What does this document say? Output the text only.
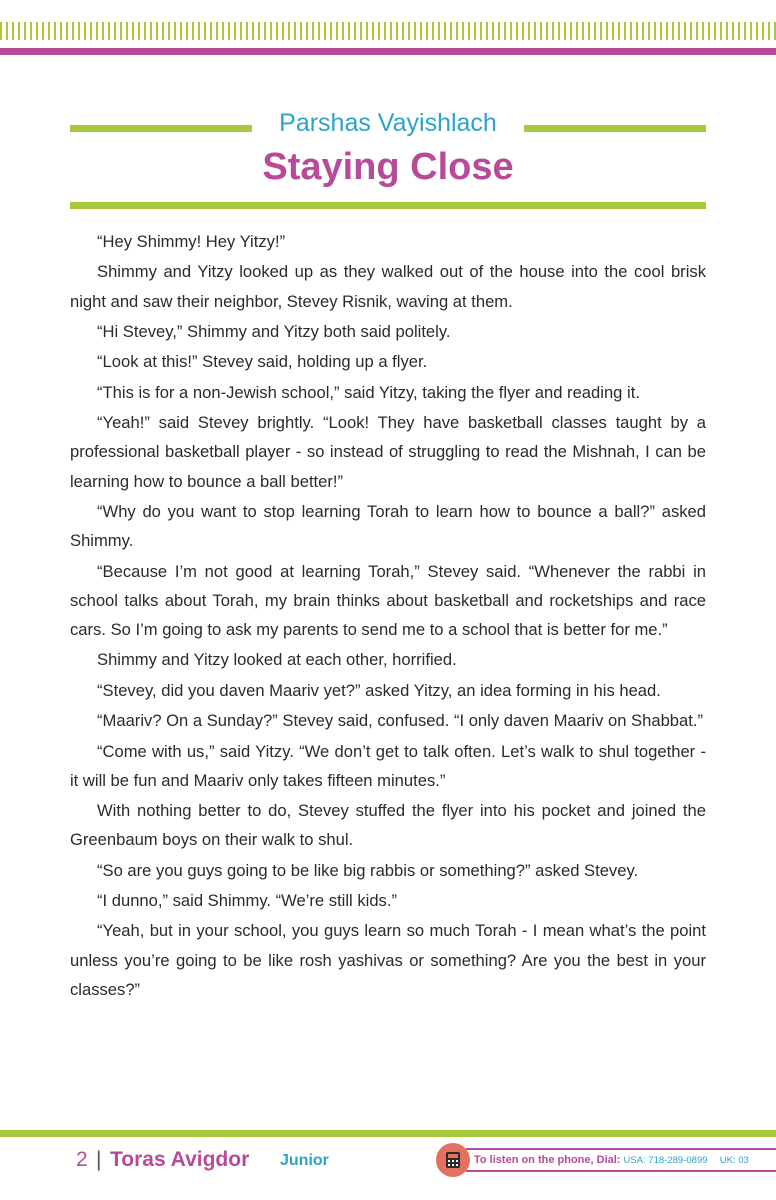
Parshas Vayishlach
Staying Close

“Hey Shimmy! Hey Yitzy!”

Shimmy and Yitzy looked up as they walked out of the house into the cool brisk night and saw their neighbor, Stevey Risnik, waving at them.

“Hi Stevey,” Shimmy and Yitzy both said politely.

“Look at this!” Stevey said, holding up a flyer.

“This is for a non-Jewish school,” said Yitzy, taking the flyer and reading it.

“Yeah!” said Stevey brightly. “Look! They have basketball classes taught by a professional basketball player - so instead of struggling to read the Mishnah, I can be learning how to bounce a ball better!”

“Why do you want to stop learning Torah to learn how to bounce a ball?” asked Shimmy.

“Because I’m not good at learning Torah,” Stevey said. “Whenever the rabbi in school talks about Torah, my brain thinks about basketball and rocketships and race cars. So I’m going to ask my parents to send me to a school that is better for me.”

Shimmy and Yitzy looked at each other, horrified.

“Stevey, did you daven Maariv yet?” asked Yitzy, an idea forming in his head.

“Maariv? On a Sunday?” Stevey said, confused. “I only daven Maariv on Shabbat.”

“Come with us,” said Yitzy. “We don’t get to talk often. Let’s walk to shul together - it will be fun and Maariv only takes fifteen minutes.”

With nothing better to do, Stevey stuffed the flyer into his pocket and joined the Greenbaum boys on their walk to shul.

“So are you guys going to be like big rabbis or something?” asked Stevey.

“I dunno,” said Shimmy. “We’re still kids.”

“Yeah, but in your school, you guys learn so much Torah - I mean what’s the point unless you’re going to be like rosh yashivas or something? Are you the best in your classes?”

2 | Toras Avigdor Junior	To listen on the phone, Dial: USA: 718-289-0899 UK: 03
